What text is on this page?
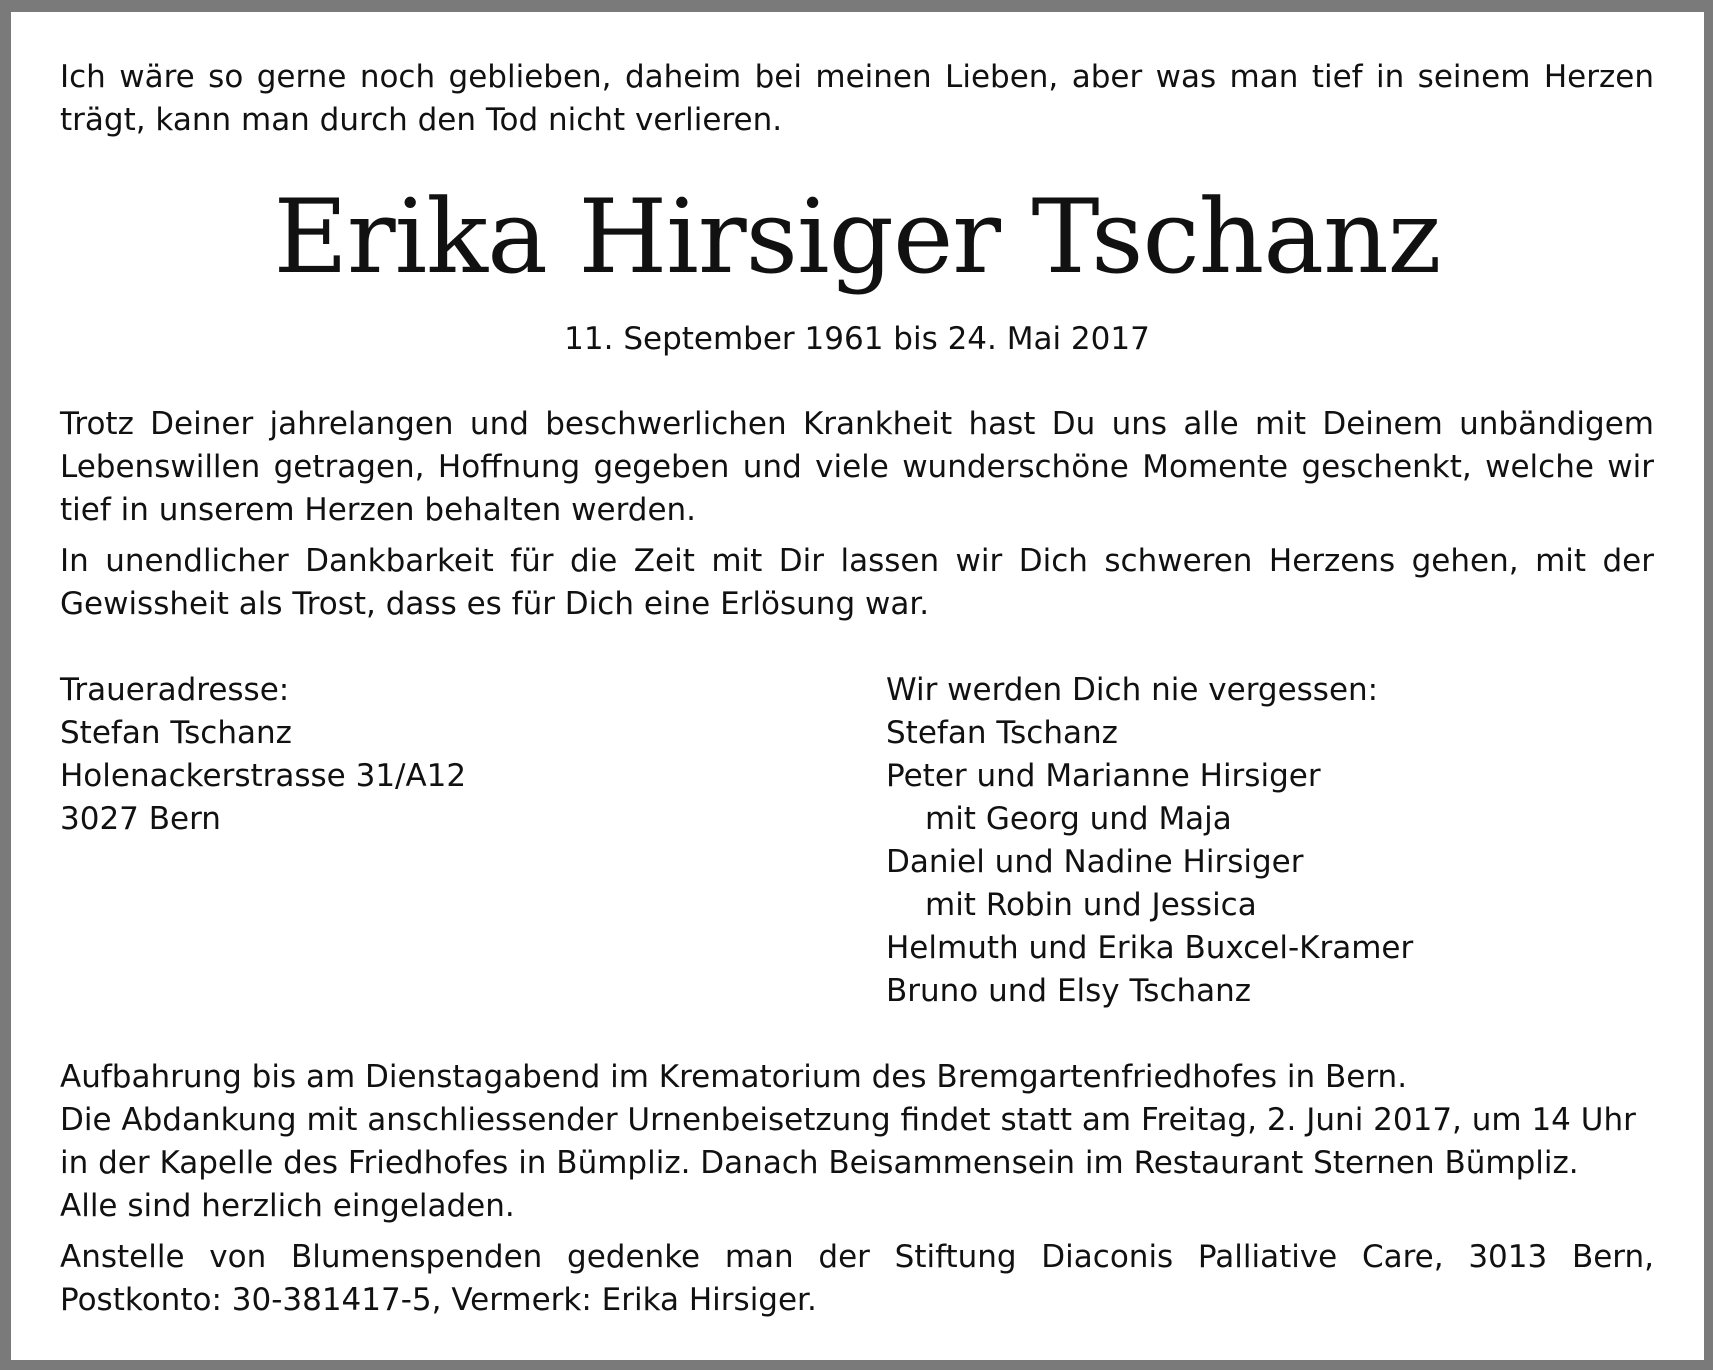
Ich wäre so gerne noch geblieben, daheim bei meinen Lieben, aber was man tief in seinem Herzen trägt, kann man durch den Tod nicht verlieren.

Erika Hirsiger Tschanz

11. September 1961 bis 24. Mai 2017

Trotz Deiner jahrelangen und beschwerlichen Krankheit hast Du uns alle mit Deinem unbändigem Lebenswillen getragen, Hoffnung gegeben und viele wunderschöne Momente geschenkt, welche wir tief in unserem Herzen behalten werden.

In unendlicher Dankbarkeit für die Zeit mit Dir lassen wir Dich schweren Herzens gehen, mit der Gewissheit als Trost, dass es für Dich eine Erlösung war.

Traueradresse:
Stefan Tschanz
Holenackerstrasse 31/A12
3027 Bern
Wir werden Dich nie vergessen:
Stefan Tschanz
Peter und Marianne Hirsiger
mit Georg und Maja
Daniel und Nadine Hirsiger
mit Robin und Jessica
Helmuth und Erika Buxcel-Kramer
Bruno und Elsy Tschanz
Aufbahrung bis am Dienstagabend im Krematorium des Bremgartenfriedhofes in Bern.
Die Abdankung mit anschliessender Urnenbeisetzung findet statt am Freitag, 2. Juni 2017, um 14 Uhr in der Kapelle des Friedhofes in Bümpliz. Danach Beisammensein im Restaurant Sternen Bümpliz.
Alle sind herzlich eingeladen.

Anstelle von Blumenspenden gedenke man der Stiftung Diaconis Palliative Care, 3013 Bern, Postkonto: 30-381417-5, Vermerk: Erika Hirsiger.
